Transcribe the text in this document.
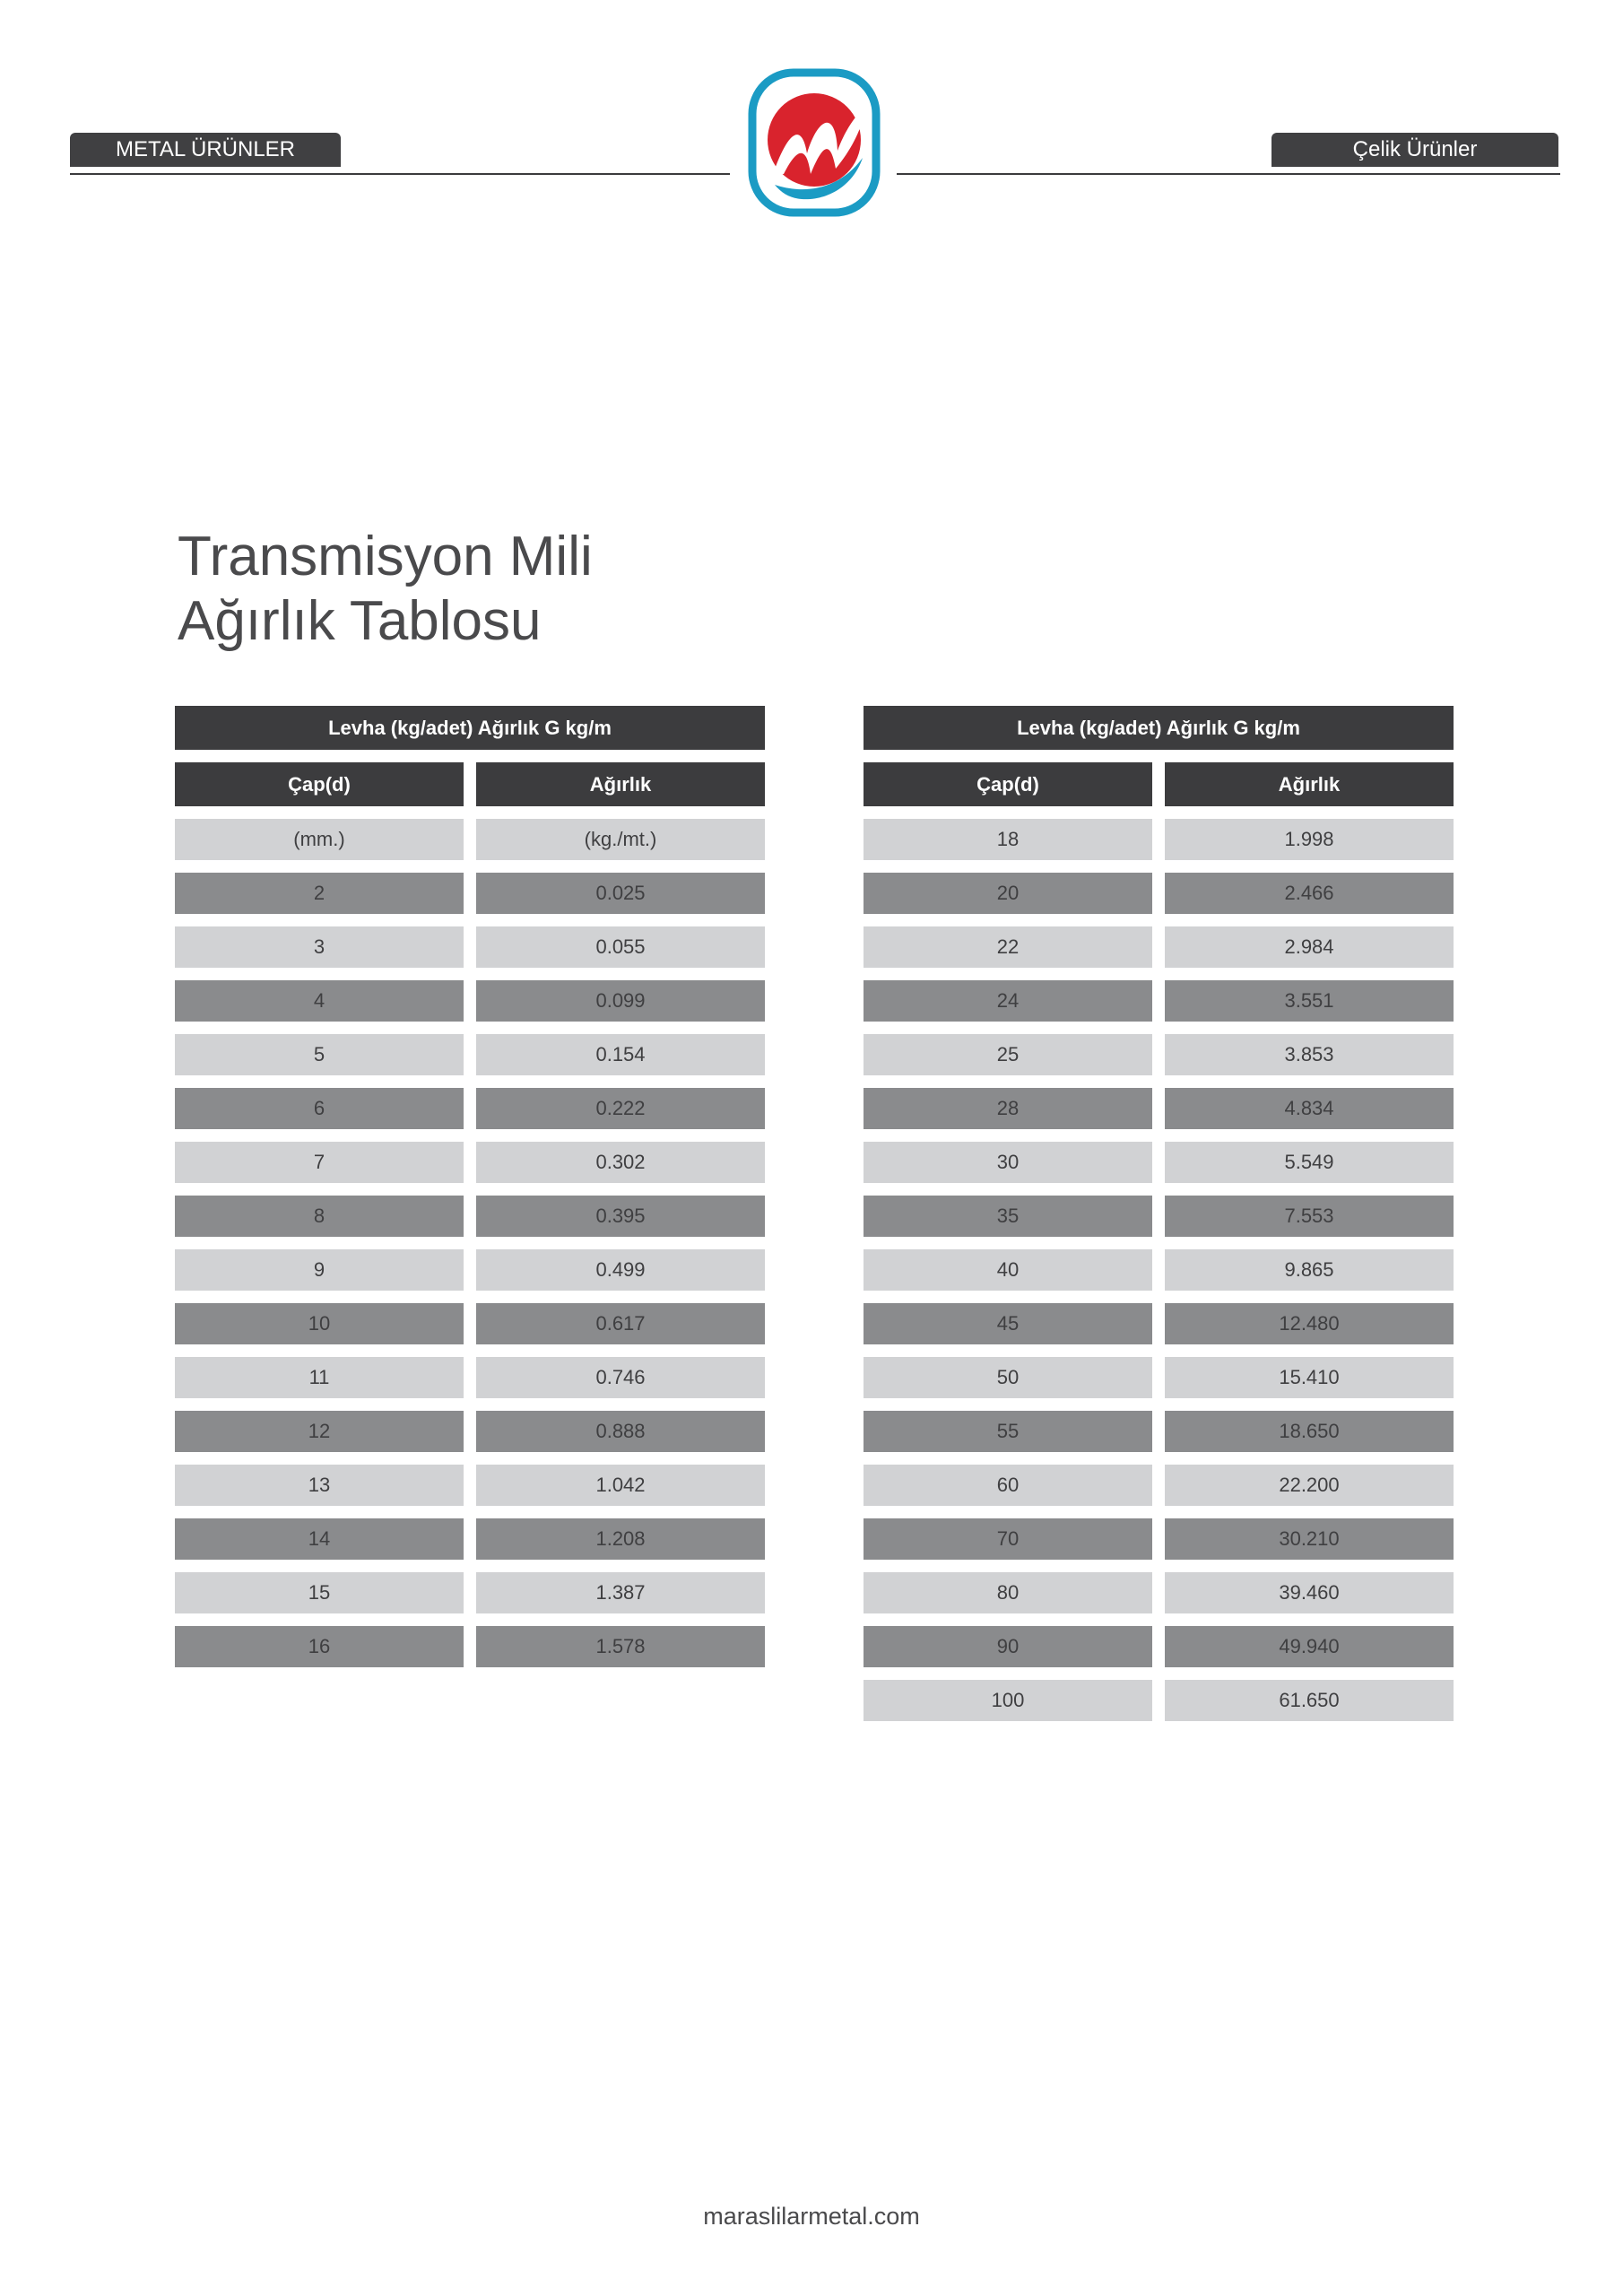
METAL ÜRÜNLER	Çelik Ürünler
Transmisyon Mili
Ağırlık Tablosu
Levha (kg/adet) Ağırlık G kg/m
Çap(d)	Ağırlık
(mm.)	(kg./mt.)
2	0.025
3	0.055
4	0.099
5	0.154
6	0.222
7	0.302
8	0.395
9	0.499
10	0.617
11	0.746
12	0.888
13	1.042
14	1.208
15	1.387
16	1.578
Levha (kg/adet) Ağırlık G kg/m
Çap(d)	Ağırlık
18	1.998
20	2.466
22	2.984
24	3.551
25	3.853
28	4.834
30	5.549
35	7.553
40	9.865
45	12.480
50	15.410
55	18.650
60	22.200
70	30.210
80	39.460
90	49.940
100	61.650
maraslilarmetal.com
